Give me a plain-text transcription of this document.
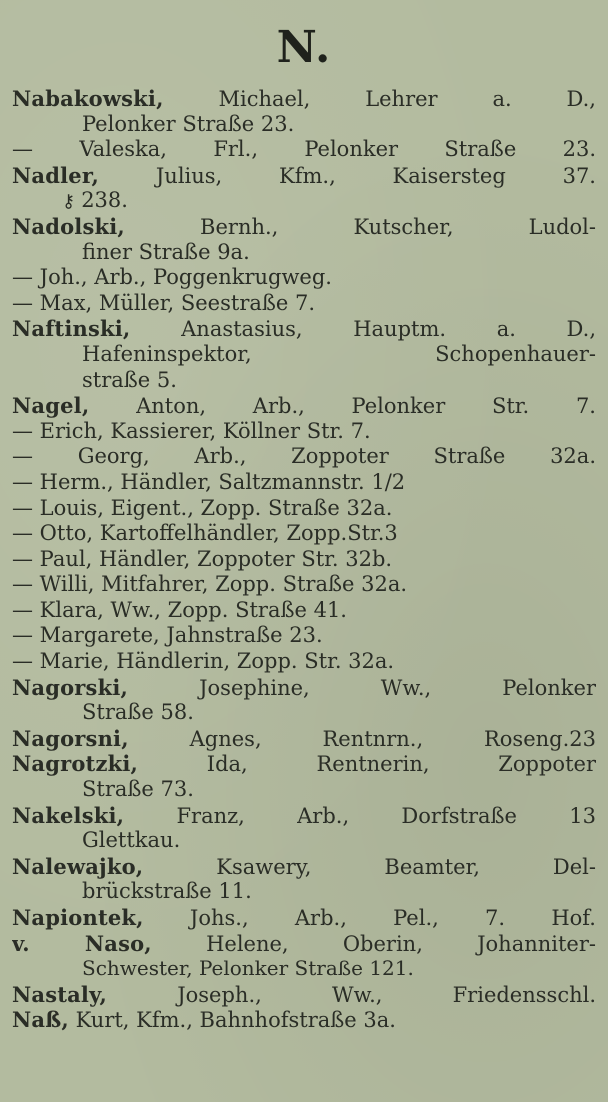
N.
Nabakowski,	Michael, Lehrer a. D.,
Pelonker Straße 23.
— Valeska, Frl., Pelonker Straße 23.
Nadler,	Julius, Kfm., Kaisersteg 37.
⚷ 238.
Nadolski,	Bernh., Kutscher, Ludol-
finer Straße 9a.
— Joh., Arb., Poggenkrugweg.
— Max, Müller, Seestraße 7.
Naftinski, Anastasius, Hauptm. a. D.,
Hafeninspektor, Schopenhauer-
straße 5.
Nagel, Anton, Arb., Pelonker Str. 7.
— Erich, Kassierer, Köllner Str. 7.
— Georg, Arb., Zoppoter Straße 32a.
— Herm., Händler, Saltzmannstr. 1/2
— Louis, Eigent., Zopp. Straße 32a.
— Otto, Kartoffelhändler, Zopp.Str.3
— Paul, Händler, Zoppoter Str. 32b.
— Willi, Mitfahrer, Zopp. Straße 32a.
— Klara, Ww., Zopp. Straße 41.
— Margarete, Jahnstraße 23.
— Marie, Händlerin, Zopp. Str. 32a.
Nagorski,	Josephine, Ww., Pelonker
Straße 58.
Nagorsni,	Agnes, Rentnrn., Roseng.23
Nagrotzki,	Ida, Rentnerin, Zoppoter
Straße 73.
Nakelski, Franz, Arb., Dorfstraße 13
Glettkau.
Nalewajko,	Ksawery, Beamter, Del-
brückstraße 11.
Napiontek, Johs., Arb., Pel., 7. Hof.
v. Naso,	Helene, Oberin, Johanniter-
Schwester, Pelonker Straße 121.
Nastaly,	Joseph., Ww., Friedensschl.
Naß, Kurt, Kfm., Bahnhofstraße 3a.
